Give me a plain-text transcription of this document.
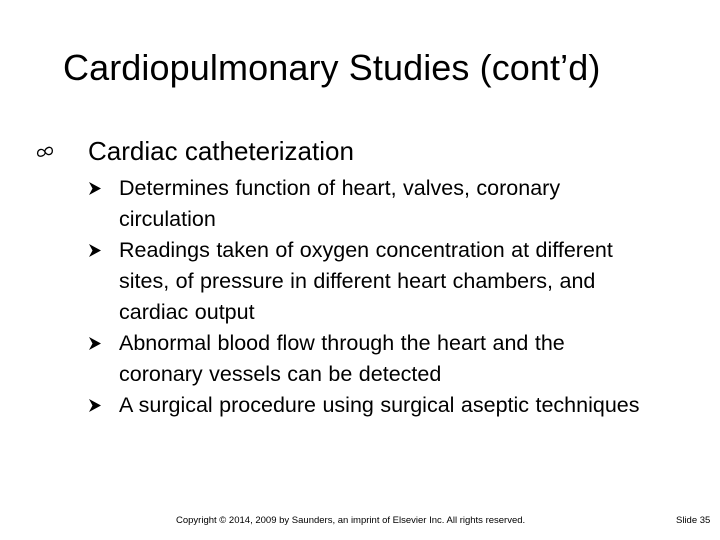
Cardiopulmonary Studies (cont’d)
Cardiac catheterization
Determines function of heart, valves, coronary circulation
Readings taken of oxygen concentration at different sites, of pressure in different heart chambers, and cardiac output
Abnormal blood flow through the heart and the coronary vessels can be detected
A surgical procedure using surgical aseptic techniques
Copyright © 2014, 2009 by Saunders, an imprint of Elsevier Inc. All rights reserved.	Slide 35
